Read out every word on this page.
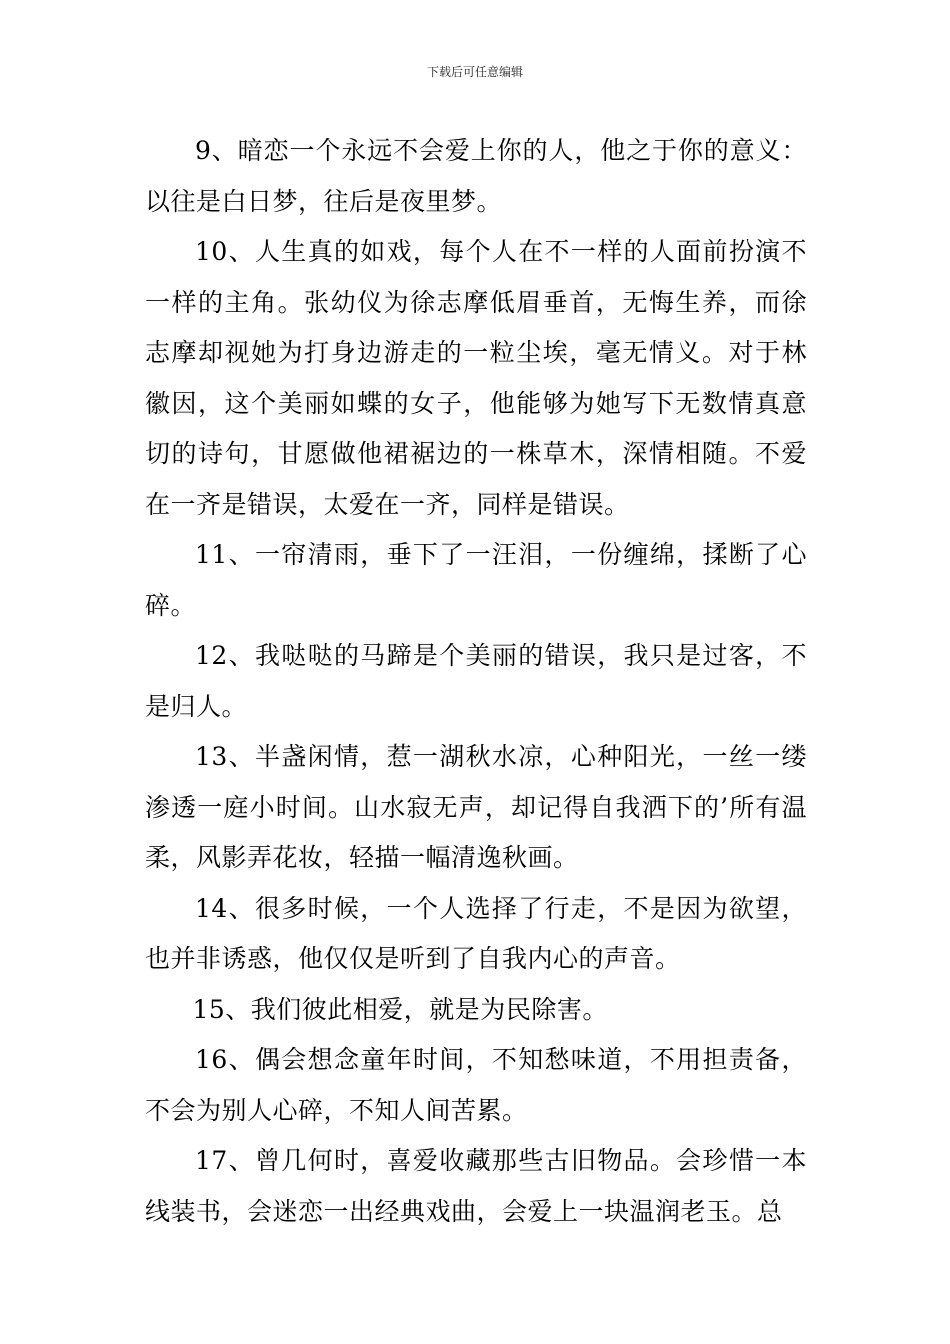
下载后可任意编辑

9、暗恋一个永远不会爱上你的人，他之于你的意义：以往是白日梦，往后是夜里梦。

10、人生真的如戏，每个人在不一样的人面前扮演不一样的主角。张幼仪为徐志摩低眉垂首，无悔生养，而徐志摩却视她为打身边游走的一粒尘埃，毫无情义。对于林徽因，这个美丽如蝶的女子，他能够为她写下无数情真意切的诗句，甘愿做他裙裾边的一株草木，深情相随。不爱在一齐是错误，太爱在一齐，同样是错误。

11、一帘清雨，垂下了一汪泪，一份缠绵，揉断了心碎。

12、我哒哒的马蹄是个美丽的错误，我只是过客，不是归人。

13、半盏闲情，惹一湖秋水凉，心种阳光，一丝一缕渗透一庭小时间。山水寂无声，却记得自我洒下的’所有温柔，风影弄花妆，轻描一幅清逸秋画。

14、很多时候，一个人选择了行走，不是因为欲望，也并非诱惑，他仅仅是听到了自我内心的声音。

15、我们彼此相爱，就是为民除害。

16、偶会想念童年时间，不知愁味道，不用担责备，不会为别人心碎，不知人间苦累。

17、曾几何时，喜爱收藏那些古旧物品。会珍惜一本线装书，会迷恋一出经典戏曲，会爱上一块温润老玉。总
